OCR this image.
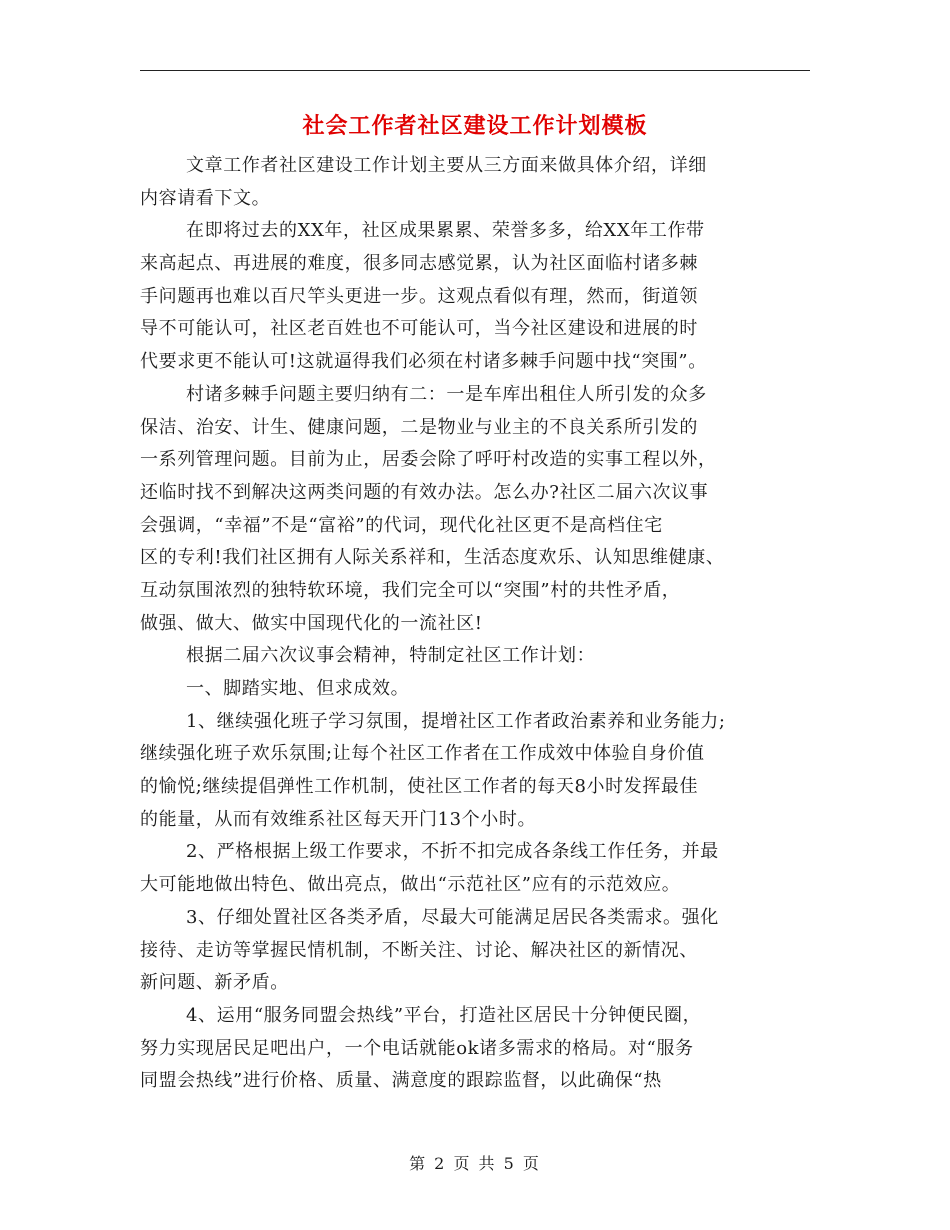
社会工作者社区建设工作计划模板
文章工作者社区建设工作计划主要从三方面来做具体介绍，详细
内容请看下文。
在即将过去的XX年，社区成果累累、荣誉多多，给XX年工作带
来高起点、再进展的难度，很多同志感觉累，认为社区面临村诸多棘
手问题再也难以百尺竿头更进一步。这观点看似有理，然而，街道领
导不可能认可，社区老百姓也不可能认可，当今社区建设和进展的时
代要求更不能认可!这就逼得我们必须在村诸多棘手问题中找“突围”。
村诸多棘手问题主要归纳有二：一是车库出租住人所引发的众多
保洁、治安、计生、健康问题，二是物业与业主的不良关系所引发的
一系列管理问题。目前为止，居委会除了呼吁村改造的实事工程以外，
还临时找不到解决这两类问题的有效办法。怎么办?社区二届六次议事
会强调，“幸福”不是“富裕”的代词，现代化社区更不是高档住宅
区的专利!我们社区拥有人际关系祥和，生活态度欢乐、认知思维健康、
互动氛围浓烈的独特软环境，我们完全可以“突围”村的共性矛盾，
做强、做大、做实中国现代化的一流社区!
根据二届六次议事会精神，特制定社区工作计划：
一、脚踏实地、但求成效。
1、继续强化班子学习氛围，提增社区工作者政治素养和业务能力;
继续强化班子欢乐氛围;让每个社区工作者在工作成效中体验自身价值
的愉悦;继续提倡弹性工作机制，使社区工作者的每天8小时发挥最佳
的能量，从而有效维系社区每天开门13个小时。
2、严格根据上级工作要求，不折不扣完成各条线工作任务，并最
大可能地做出特色、做出亮点，做出“示范社区”应有的示范效应。
3、仔细处置社区各类矛盾，尽最大可能满足居民各类需求。强化
接待、走访等掌握民情机制，不断关注、讨论、解决社区的新情况、
新问题、新矛盾。
4、运用“服务同盟会热线”平台，打造社区居民十分钟便民圈，
努力实现居民足吧出户，一个电话就能ok诸多需求的格局。对“服务
同盟会热线”进行价格、质量、满意度的跟踪监督，以此确保“热
第 2 页 共 5 页
